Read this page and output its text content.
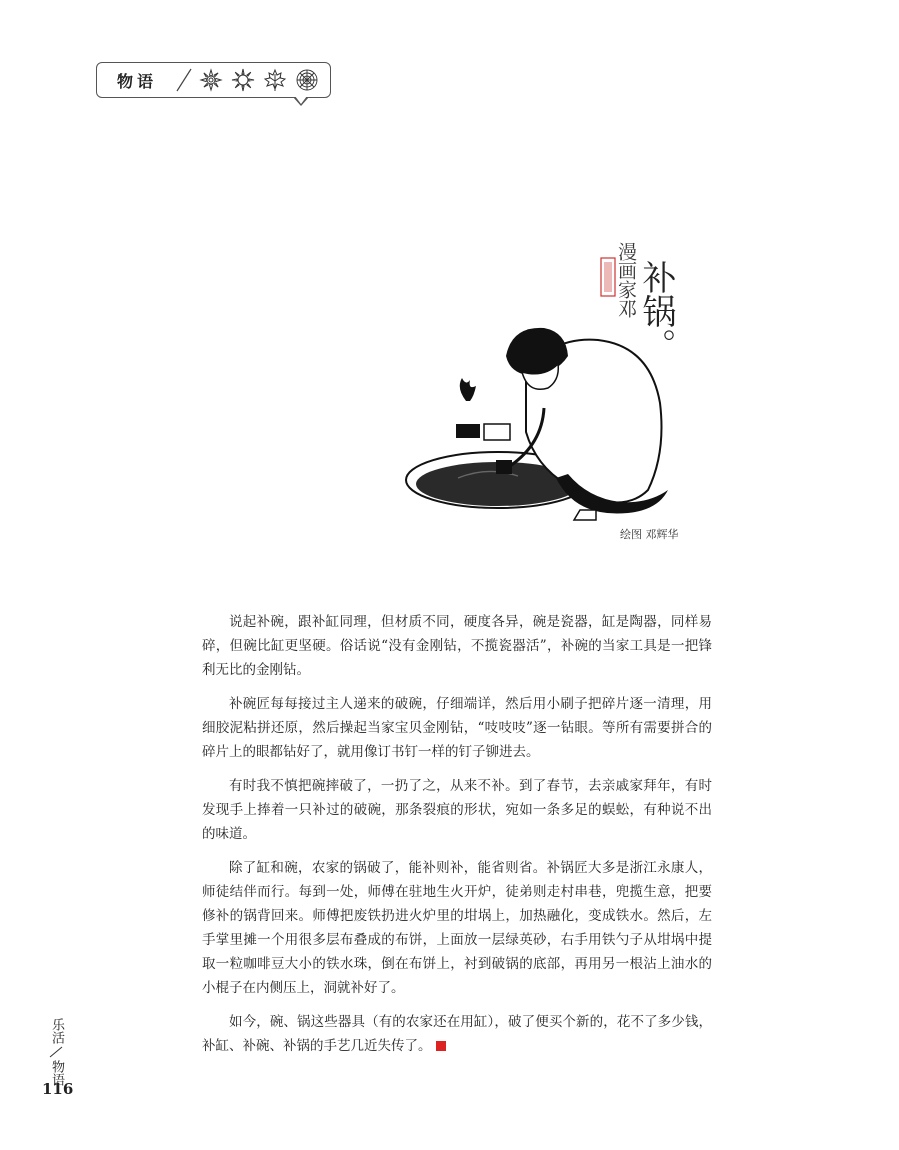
物语
补锅。
漫画家邓
绘图 邓辉华

说起补碗，跟补缸同理，但材质不同，硬度各异，碗是瓷器，缸是陶器，同样易碎，但碗比缸更坚硬。俗话说“没有金刚钻，不揽瓷器活”，补碗的当家工具是一把锋利无比的金刚钻。

补碗匠每每接过主人递来的破碗，仔细端详，然后用小刷子把碎片逐一清理，用细胶泥粘拼还原，然后操起当家宝贝金刚钻，“吱吱吱”逐一钻眼。等所有需要拼合的碎片上的眼都钻好了，就用像订书钉一样的钉子铆进去。

有时我不慎把碗摔破了，一扔了之，从来不补。到了春节，去亲戚家拜年，有时发现手上捧着一只补过的破碗，那条裂痕的形状，宛如一条多足的蜈蚣，有种说不出的味道。

除了缸和碗，农家的锅破了，能补则补，能省则省。补锅匠大多是浙江永康人，师徒结伴而行。每到一处，师傅在驻地生火开炉，徒弟则走村串巷，兜揽生意，把要修补的锅背回来。师傅把废铁扔进火炉里的坩埚上，加热融化，变成铁水。然后，左手掌里摊一个用很多层布叠成的布饼，上面放一层绿英砂，右手用铁勺子从坩埚中提取一粒咖啡豆大小的铁水珠，倒在布饼上，衬到破锅的底部，再用另一根沾上油水的小棍子在内侧压上，洞就补好了。

如今，碗、锅这些器具（有的农家还在用缸），破了便买个新的，花不了多少钱，补缸、补碗、补锅的手艺几近失传了。

乐活
物语
116
